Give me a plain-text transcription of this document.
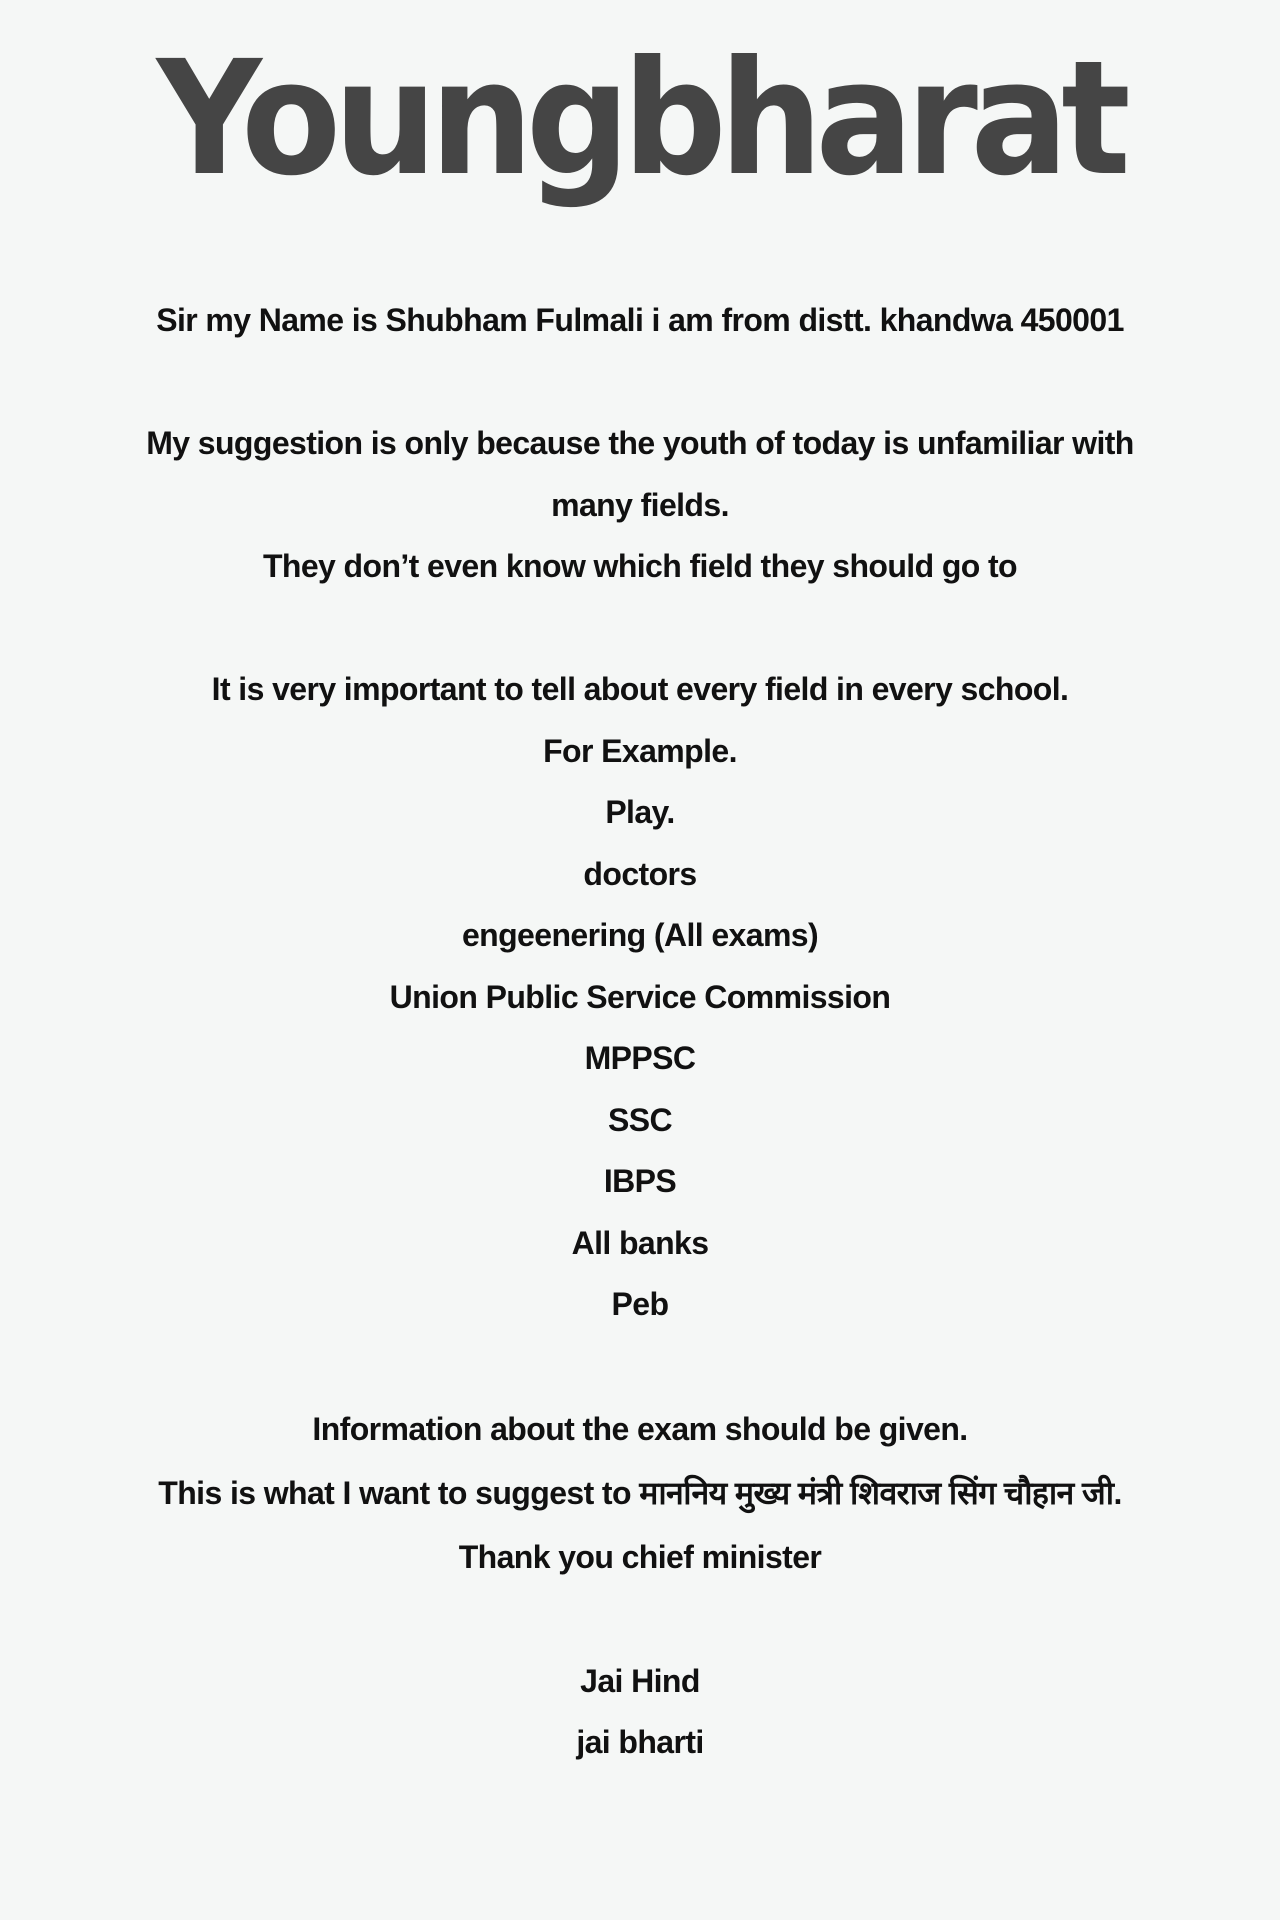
Youngbharat
Sir my Name is Shubham Fulmali i am from distt. khandwa 450001
My suggestion is only because the youth of today is unfamiliar with
many fields.
They don’t even know which field they should go to
It is very important to tell about every field in every school.
For Example.
Play.
doctors
engeenering (All exams)
Union Public Service Commission
MPPSC
SSC
IBPS
All banks
Peb
Information about the exam should be given.
This is what I want to suggest to माननिय मुख्य मंत्री शिवराज सिंग चौहान जी.
Thank you chief minister
Jai Hind
jai bharti
